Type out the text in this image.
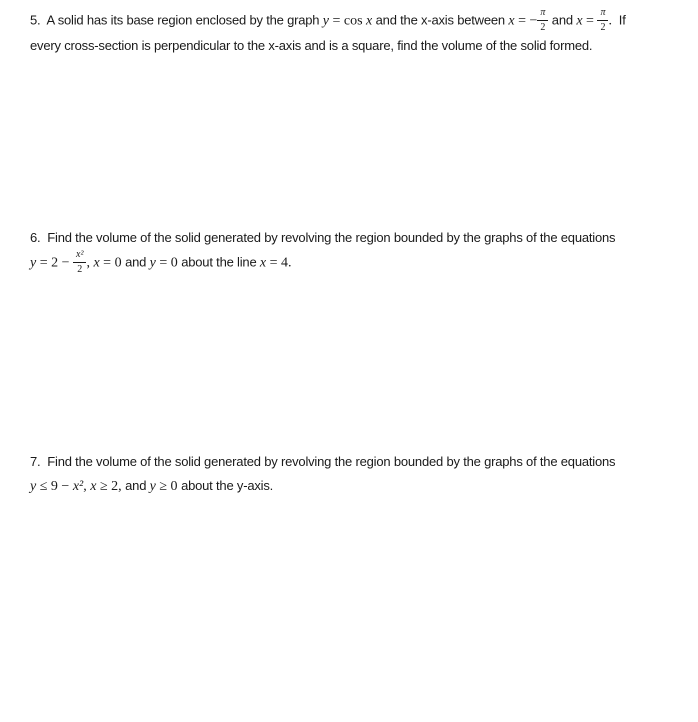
5.  A solid has its base region enclosed by the graph y = cos x and the x-axis between x = − $\frac{\pi}{2}$ and $x = \frac{\pi}{2}$ .  If
every cross-section is perpendicular to the x-axis and is a square, find the volume of the solid formed.
6.  Find the volume of the solid generated by revolving the region bounded by the graphs of the equations
$y = 2 - \frac{\text{x²}}{2}$ , x = 0 and y = 0 about the line x = 4.
7.  Find the volume of the solid generated by revolving the region bounded by the graphs of the equations
y ≤ 9 − x², x ≥ 2, and y ≥ 0 about the y-axis.
